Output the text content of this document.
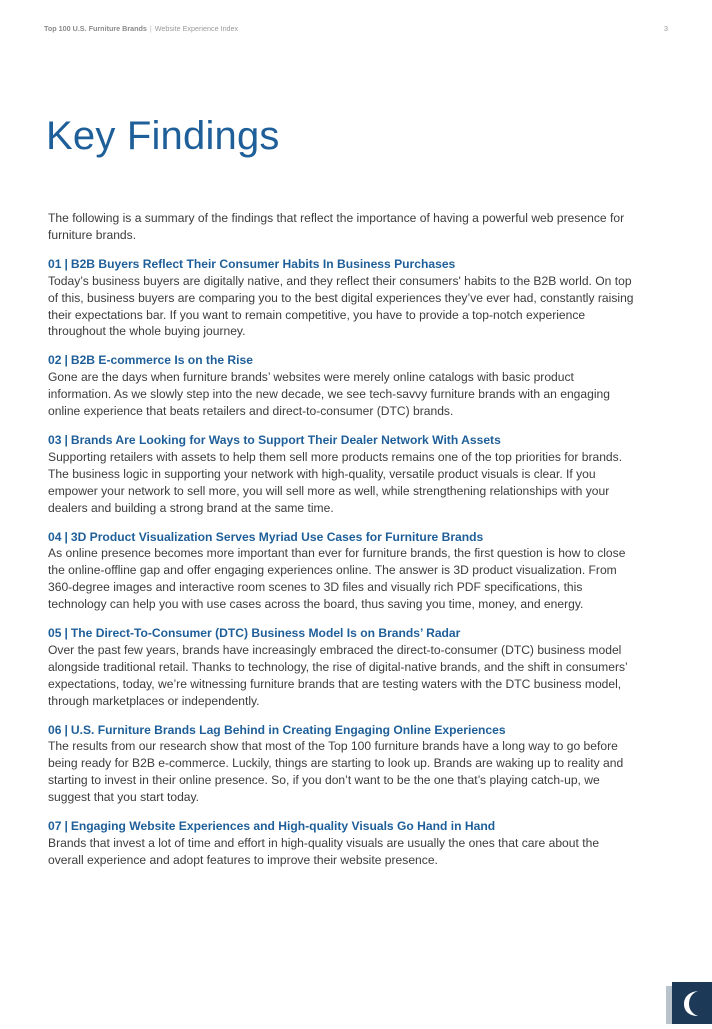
Top 100 U.S. Furniture Brands | Website Experience Index	3
Key Findings

The following is a summary of the findings that reflect the importance of having a powerful web presence for furniture brands.

01 | B2B Buyers Reflect Their Consumer Habits In Business Purchases

Today’s business buyers are digitally native, and they reflect their consumers' habits to the B2B world. On top of this, business buyers are comparing you to the best digital experiences they’ve ever had, constantly raising their expectations bar. If you want to remain competitive, you have to provide a top-notch experience throughout the whole buying journey.

02 | B2B E-commerce Is on the Rise

Gone are the days when furniture brands’ websites were merely online catalogs with basic product information. As we slowly step into the new decade, we see tech-savvy furniture brands with an engaging online experience that beats retailers and direct-to-consumer (DTC) brands.

03 | Brands Are Looking for Ways to Support Their Dealer Network With Assets

Supporting retailers with assets to help them sell more products remains one of the top priorities for brands. The business logic in supporting your network with high-quality, versatile product visuals is clear. If you empower your network to sell more, you will sell more as well, while strengthening relationships with your dealers and building a strong brand at the same time.

04 | 3D Product Visualization Serves Myriad Use Cases for Furniture Brands

As online presence becomes more important than ever for furniture brands, the first question is how to close the online-offline gap and offer engaging experiences online. The answer is 3D product visualization. From 360-degree images and interactive room scenes to 3D files and visually rich PDF specifications, this technology can help you with use cases across the board, thus saving you time, money, and energy.

05 | The Direct-To-Consumer (DTC) Business Model Is on Brands’ Radar

Over the past few years, brands have increasingly embraced the direct-to-consumer (DTC) business model alongside traditional retail. Thanks to technology, the rise of digital-native brands, and the shift in consumers’ expectations, today, we’re witnessing furniture brands that are testing waters with the DTC business model, through marketplaces or independently.

06 | U.S. Furniture Brands Lag Behind in Creating Engaging Online Experiences

The results from our research show that most of the Top 100 furniture brands have a long way to go before being ready for B2B e-commerce. Luckily, things are starting to look up. Brands are waking up to reality and starting to invest in their online presence. So, if you don’t want to be the one that’s playing catch-up, we suggest that you start today.

07 | Engaging Website Experiences and High-quality Visuals Go Hand in Hand

Brands that invest a lot of time and effort in high-quality visuals are usually the ones that care about the overall experience and adopt features to improve their website presence.
